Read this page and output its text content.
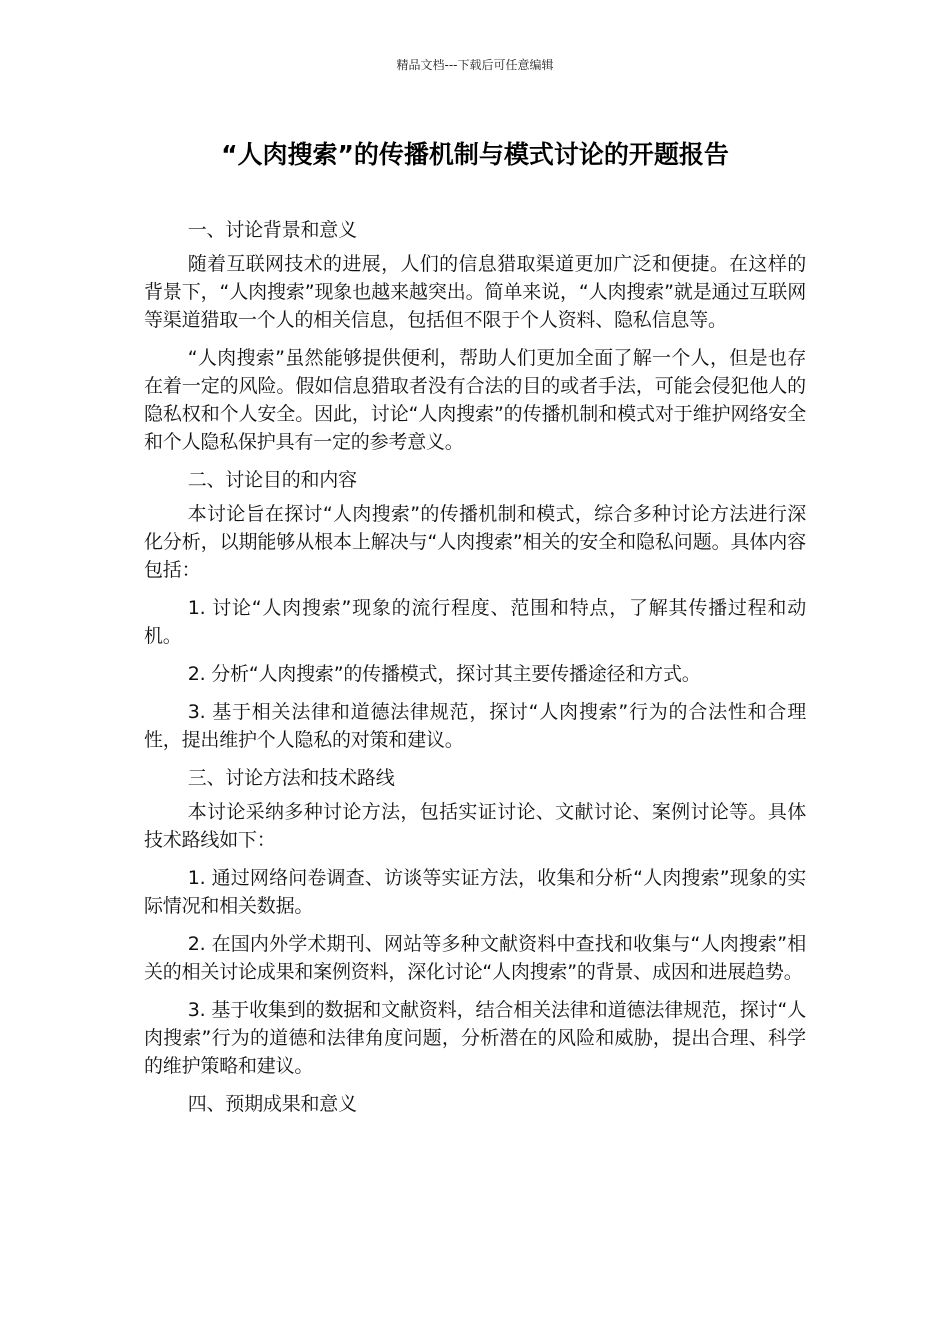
精品文档---下载后可任意编辑
“人肉搜索”的传播机制与模式讨论的开题报告

一、讨论背景和意义

随着互联网技术的进展，人们的信息猎取渠道更加广泛和便捷。在这样的背景下，“人肉搜索”现象也越来越突出。简单来说，“人肉搜索”就是通过互联网等渠道猎取一个人的相关信息，包括但不限于个人资料、隐私信息等。

“人肉搜索”虽然能够提供便利，帮助人们更加全面了解一个人，但是也存在着一定的风险。假如信息猎取者没有合法的目的或者手法，可能会侵犯他人的隐私权和个人安全。因此，讨论“人肉搜索”的传播机制和模式对于维护网络安全和个人隐私保护具有一定的参考意义。

二、讨论目的和内容

本讨论旨在探讨“人肉搜索”的传播机制和模式，综合多种讨论方法进行深化分析，以期能够从根本上解决与“人肉搜索”相关的安全和隐私问题。具体内容包括：

1. 讨论“人肉搜索”现象的流行程度、范围和特点，了解其传播过程和动机。

2. 分析“人肉搜索”的传播模式，探讨其主要传播途径和方式。

3. 基于相关法律和道德法律规范，探讨“人肉搜索”行为的合法性和合理性，提出维护个人隐私的对策和建议。

三、讨论方法和技术路线

本讨论采纳多种讨论方法，包括实证讨论、文献讨论、案例讨论等。具体技术路线如下：

1. 通过网络问卷调查、访谈等实证方法，收集和分析“人肉搜索”现象的实际情况和相关数据。

2. 在国内外学术期刊、网站等多种文献资料中查找和收集与“人肉搜索”相关的相关讨论成果和案例资料，深化讨论“人肉搜索”的背景、成因和进展趋势。

3. 基于收集到的数据和文献资料，结合相关法律和道德法律规范，探讨“人肉搜索”行为的道德和法律角度问题，分析潜在的风险和威胁，提出合理、科学的维护策略和建议。

四、预期成果和意义
